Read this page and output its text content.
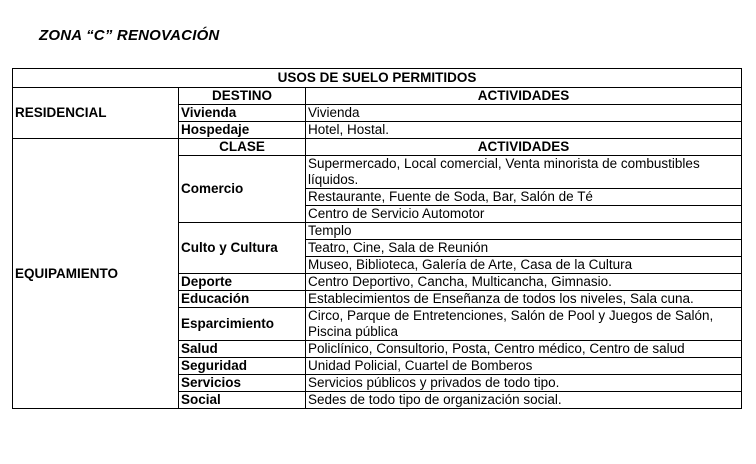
ZONA “C” RENOVACIÓN
USOS DE SUELO PERMITIDOS		
RESIDENCIAL	DESTINO	ACTIVIDADES
	Vivienda	Vivienda
	Hospedaje	Hotel, Hostal.
EQUIPAMIENTO	CLASE	ACTIVIDADES
	Comercio	Supermercado, Local comercial, Venta minorista de combustibles líquidos.
		Restaurante, Fuente de Soda, Bar, Salón de Té
		Centro de Servicio Automotor
	Culto y Cultura	Templo
		Teatro, Cine, Sala de Reunión
		Museo, Biblioteca, Galería de Arte, Casa de la Cultura
	Deporte	Centro Deportivo, Cancha, Multicancha, Gimnasio.
	Educación	Establecimientos de Enseñanza de todos los niveles, Sala cuna.
	Esparcimiento	Circo, Parque de Entretenciones, Salón de Pool y Juegos de Salón, Piscina pública
	Salud	Policlínico, Consultorio, Posta, Centro médico, Centro de salud
	Seguridad	Unidad Policial, Cuartel de Bomberos
	Servicios	Servicios públicos y privados de todo tipo.
	Social	Sedes de todo tipo de organización social.
